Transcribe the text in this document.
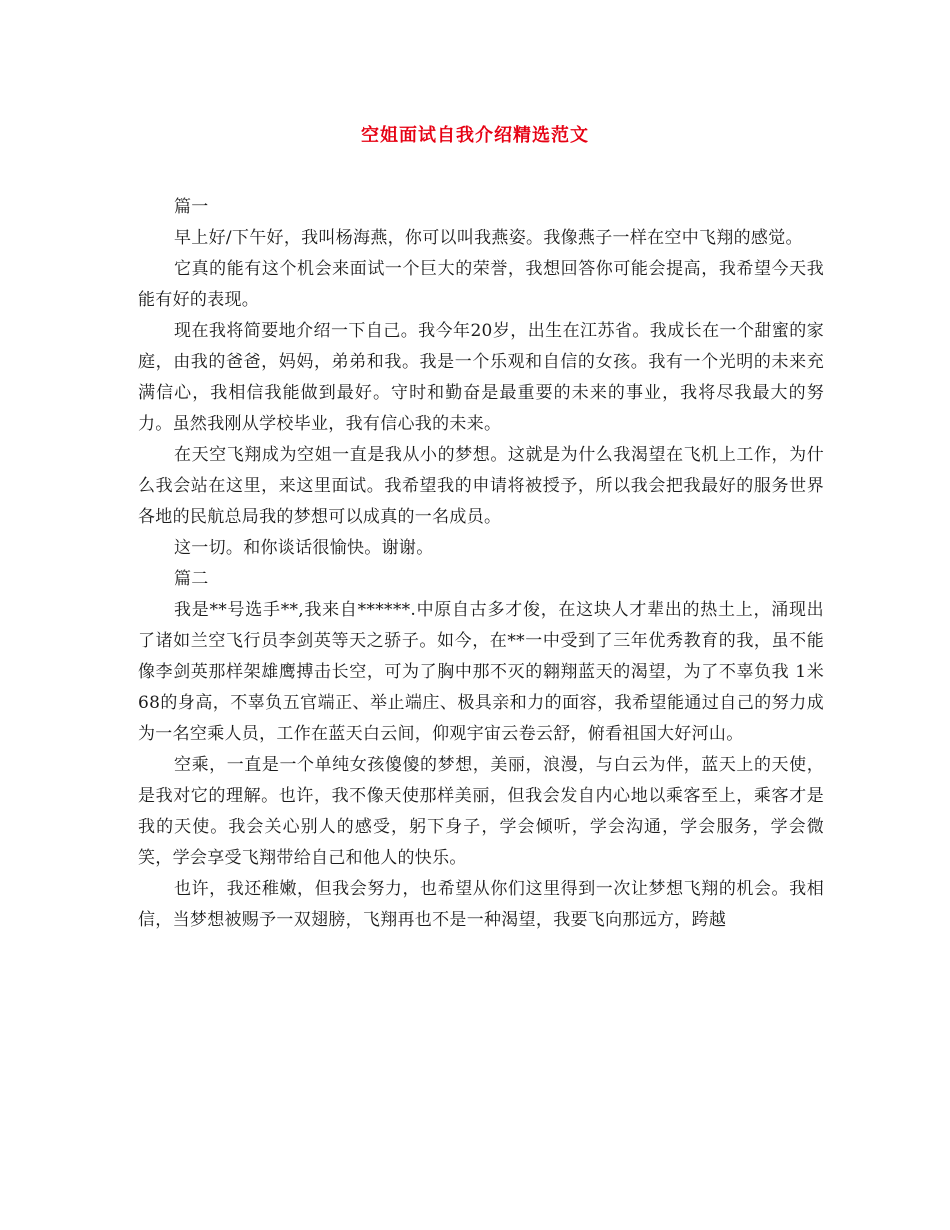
空姐面试自我介绍精选范文

篇一

早上好/下午好，我叫杨海燕，你可以叫我燕姿。我像燕子一样在空中飞翔的感觉。

它真的能有这个机会来面试一个巨大的荣誉，我想回答你可能会提高，我希望今天我能有好的表现。

现在我将简要地介绍一下自己。我今年20岁，出生在江苏省。我成长在一个甜蜜的家庭，由我的爸爸，妈妈，弟弟和我。我是一个乐观和自信的女孩。我有一个光明的未来充满信心，我相信我能做到最好。守时和勤奋是最重要的未来的事业，我将尽我最大的努力。虽然我刚从学校毕业，我有信心我的未来。

在天空飞翔成为空姐一直是我从小的梦想。这就是为什么我渴望在飞机上工作，为什么我会站在这里，来这里面试。我希望我的申请将被授予，所以我会把我最好的服务世界各地的民航总局我的梦想可以成真的一名成员。

这一切。和你谈话很愉快。谢谢。

篇二

我是**号选手**,我来自******.中原自古多才俊，在这块人才辈出的热土上，涌现出了诸如兰空飞行员李剑英等天之骄子。如今，在**一中受到了三年优秀教育的我，虽不能像李剑英那样架雄鹰搏击长空，可为了胸中那不灭的翱翔蓝天的渴望，为了不辜负我 1米68的身高，不辜负五官端正、举止端庄、极具亲和力的面容，我希望能通过自己的努力成为一名空乘人员，工作在蓝天白云间，仰观宇宙云卷云舒，俯看祖国大好河山。

空乘，一直是一个单纯女孩傻傻的梦想，美丽，浪漫，与白云为伴，蓝天上的天使，是我对它的理解。也许，我不像天使那样美丽，但我会发自内心地以乘客至上，乘客才是我的天使。我会关心别人的感受，躬下身子，学会倾听，学会沟通，学会服务，学会微笑，学会享受飞翔带给自己和他人的快乐。

也许，我还稚嫩，但我会努力，也希望从你们这里得到一次让梦想飞翔的机会。我相信，当梦想被赐予一双翅膀，飞翔再也不是一种渴望，我要飞向那远方，跨越
